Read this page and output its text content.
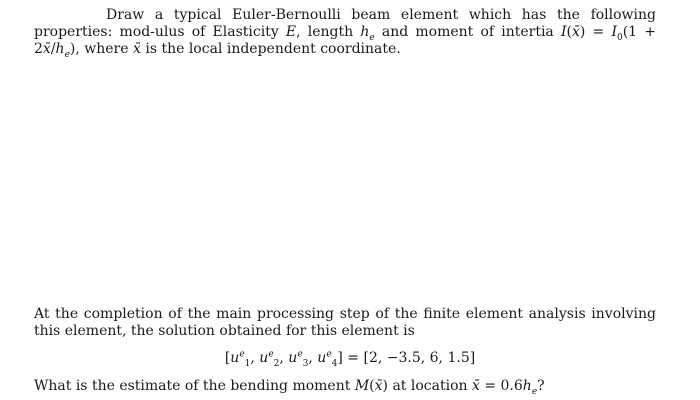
Draw a typical Euler-Bernoulli beam element which has the following properties: mod-ulus of Elasticity E, length $h_e$ and moment of intertia I(x̄) = $I_0(1$ + $2x̄/h_e$), where x̄ is the local independent coordinate.
At the completion of the main processing step of the finite element analysis involving this element, the solution obtained for this element is
[$u^e_1$, $u^e_2$, $u^e_3$, $u^e_4] = [2$, −3.5, 6, 1.5]
What is the estimate of the bending moment M(x̄) at location x̄ = $0.6h_e$?
